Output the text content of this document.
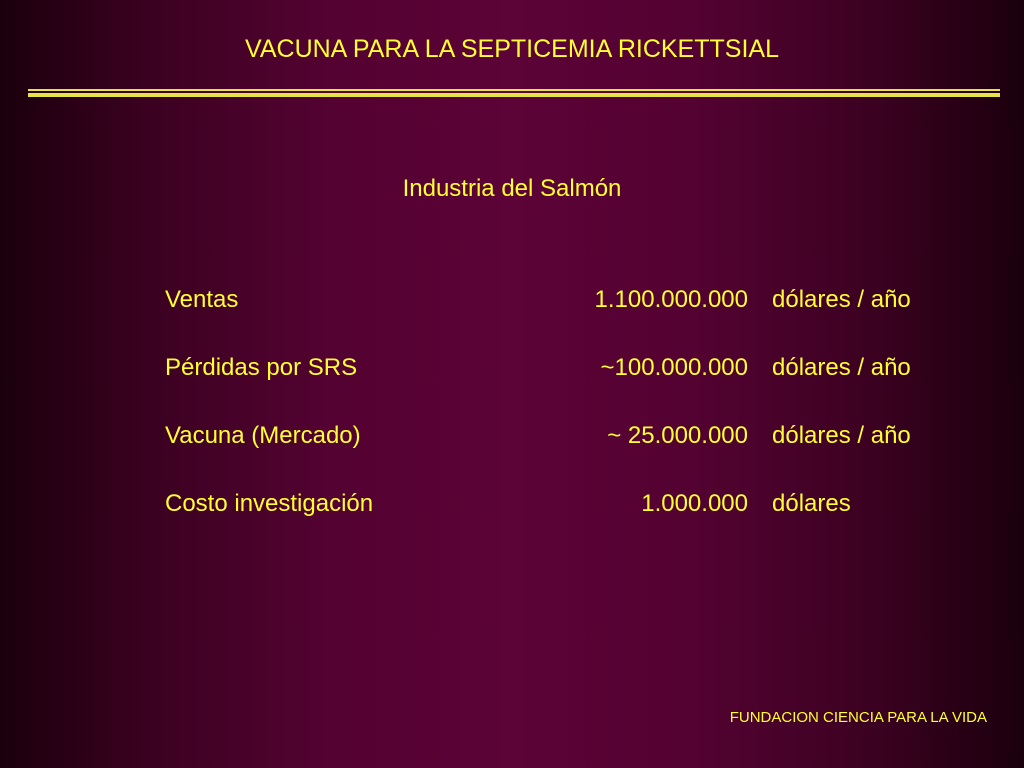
VACUNA PARA LA SEPTICEMIA RICKETTSIAL
Industria del Salmón
Ventas	1.100.000.000 dólares / año
Pérdidas por SRS	~100.000.000 dólares / año
Vacuna (Mercado)	~ 25.000.000 dólares / año
Costo investigación	1.000.000 dólares
FUNDACION CIENCIA PARA LA VIDA
